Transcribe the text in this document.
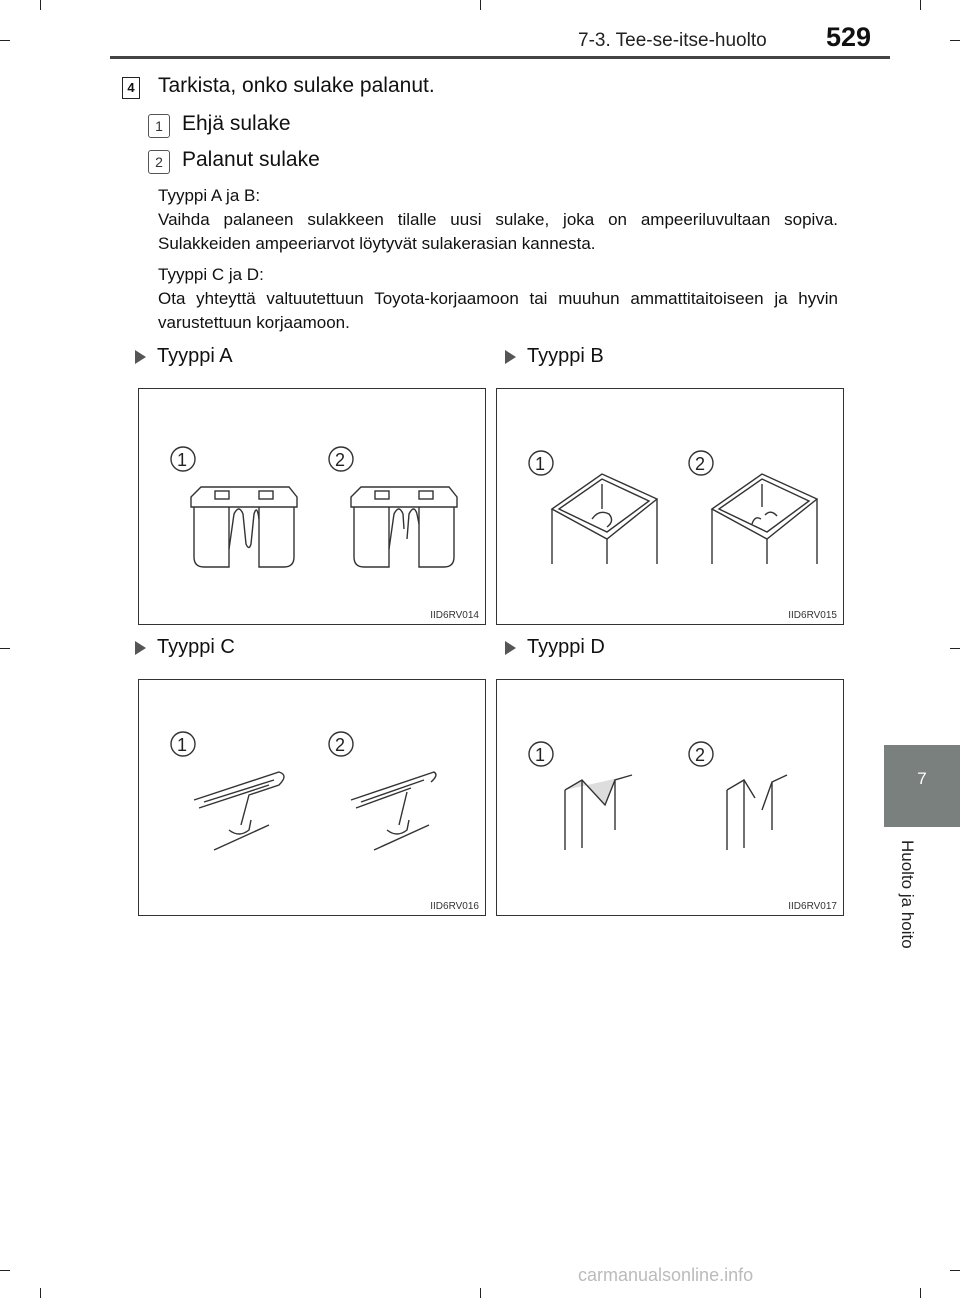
7-3. Tee-se-itse-huolto 529
7
Huolto ja hoito
4 Tarkista, onko sulake palanut.
1 Ehjä sulake
2 Palanut sulake
Tyyppi A ja B:
Vaihda palaneen sulakkeen tilalle uusi sulake, joka on ampeeriluvultaan sopiva. Sulakkeiden ampeeriarvot löytyvät sulakerasian kannesta.
Tyyppi C ja D:
Ota yhteyttä valtuutettuun Toyota-korjaamoon tai muuhun ammattitaitoiseen ja hyvin varustettuun korjaamoon.
Tyyppi A	Tyyppi B
Tyyppi C	Tyyppi D
1	2
IID6RV014
1	2
IID6RV015
1	2
IID6RV016
1	2
IID6RV017
carmanualsonline.info
